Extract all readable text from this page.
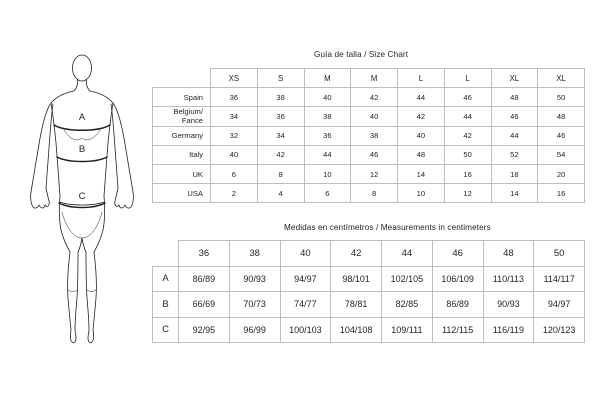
A
B
C
Guía de talla / Size Chart
Medidas en centímetros / Measurements in centimeters
	XS	S	M	M	L	L	XL	XL
Spain	36	38	40	42	44	46	48	50
Belgium/ Fance	34	36	38	40	42	44	46	48
Germany	32	34	36	38	40	42	44	46
Italy	40	42	44	46	48	50	52	54
UK	6	8	10	12	14	16	18	20
USA	2	4	6	8	10	12	14	16
	36	38	40	42	44	46	48	50
A	86/89	90/93	94/97	98/101	102/105	106/109	110/113	114/117
B	66/69	70/73	74/77	78/81	82/85	86/89	90/93	94/97
C	92/95	96/99	100/103	104/108	109/111	112/115	116/119	120/123
